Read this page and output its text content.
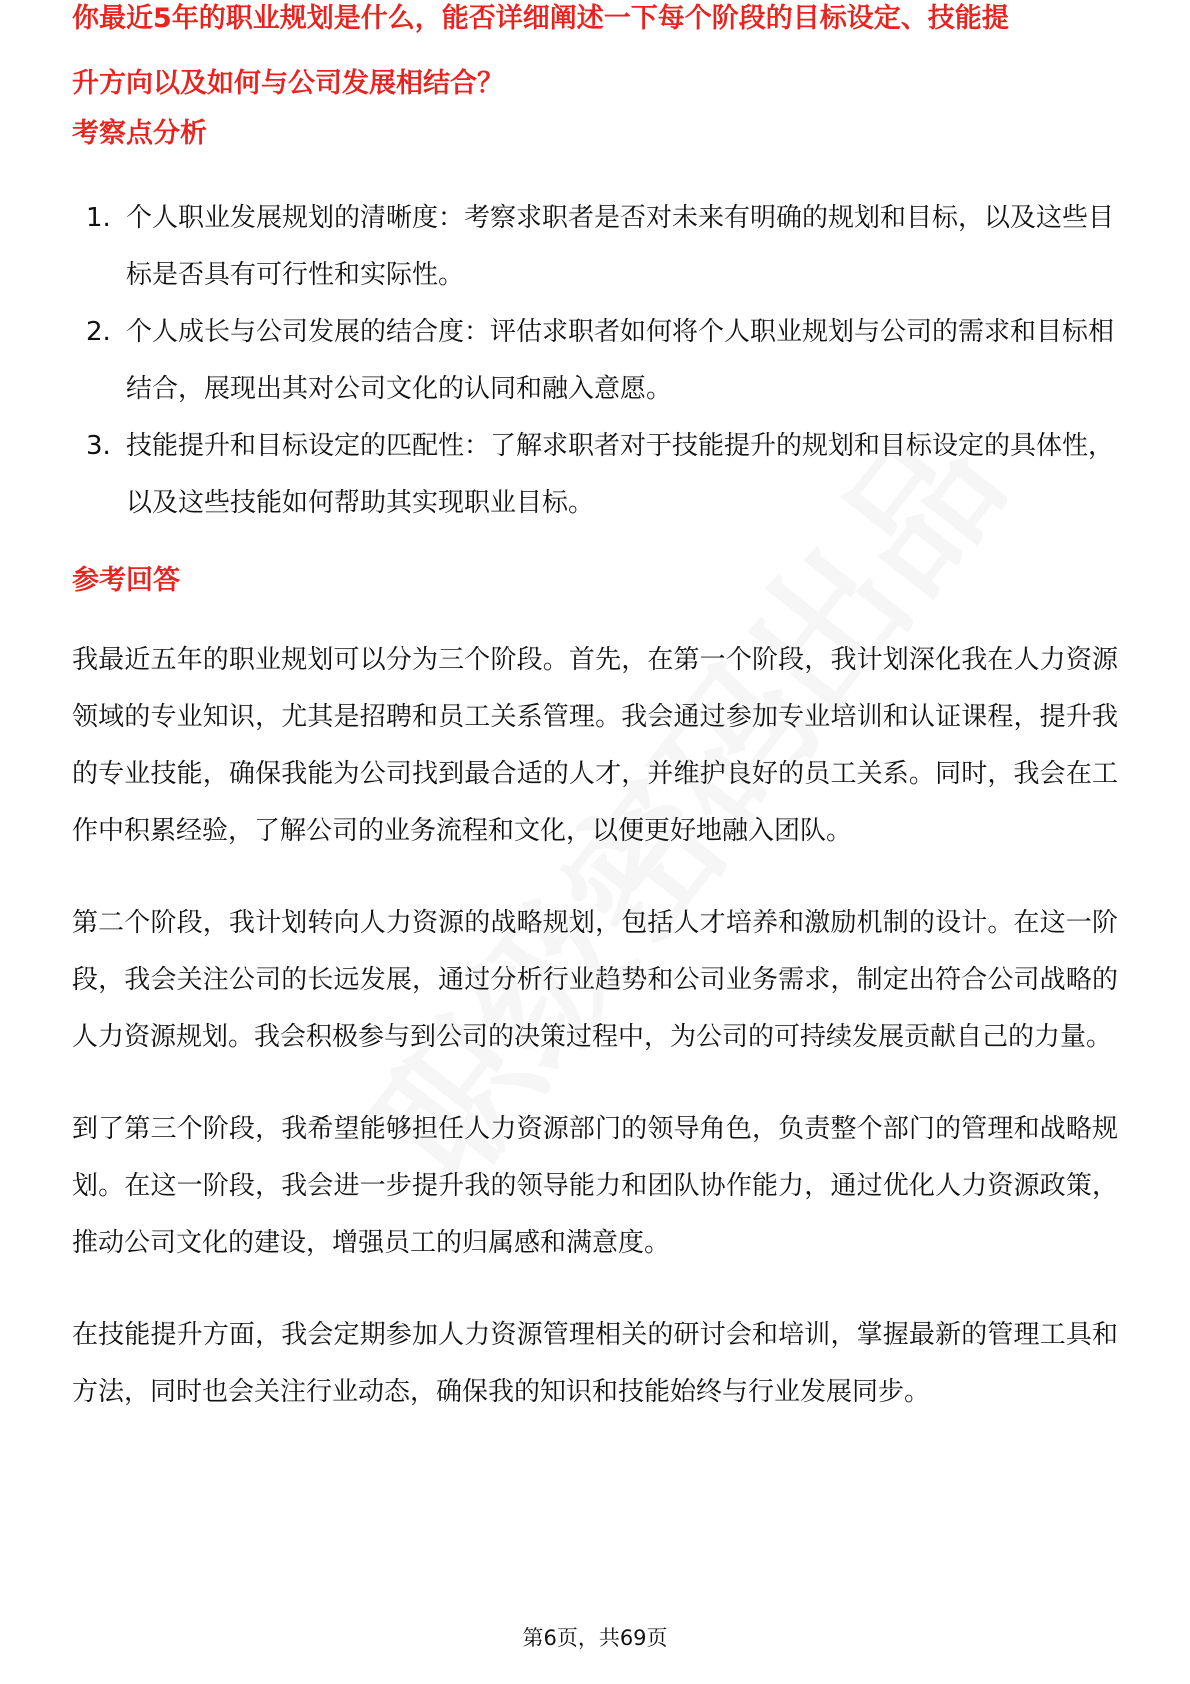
你最近5年的职业规划是什么，能否详细阐述一下每个阶段的目标设定、技能提
升方向以及如何与公司发展相结合？
考察点分析
1. 个人职业发展规划的清晰度：考察求职者是否对未来有明确的规划和目标，以及这些目标是否具有可行性和实际性。
2. 个人成长与公司发展的结合度：评估求职者如何将个人职业规划与公司的需求和目标相结合，展现出其对公司文化的认同和融入意愿。
3. 技能提升和目标设定的匹配性：了解求职者对于技能提升的规划和目标设定的具体性，以及这些技能如何帮助其实现职业目标。
参考回答

我最近五年的职业规划可以分为三个阶段。首先，在第一个阶段，我计划深化我在人力资源领域的专业知识，尤其是招聘和员工关系管理。我会通过参加专业培训和认证课程，提升我的专业技能，确保我能为公司找到最合适的人才，并维护良好的员工关系。同时，我会在工作中积累经验，了解公司的业务流程和文化，以便更好地融入团队。

第二个阶段，我计划转向人力资源的战略规划，包括人才培养和激励机制的设计。在这一阶段，我会关注公司的长远发展，通过分析行业趋势和公司业务需求，制定出符合公司战略的人力资源规划。我会积极参与到公司的决策过程中，为公司的可持续发展贡献自己的力量。

到了第三个阶段，我希望能够担任人力资源部门的领导角色，负责整个部门的管理和战略规划。在这一阶段，我会进一步提升我的领导能力和团队协作能力，通过优化人力资源政策，推动公司文化的建设，增强员工的归属感和满意度。

在技能提升方面，我会定期参加人力资源管理相关的研讨会和培训，掌握最新的管理工具和方法，同时也会关注行业动态，确保我的知识和技能始终与行业发展同步。

第6页，共69页
